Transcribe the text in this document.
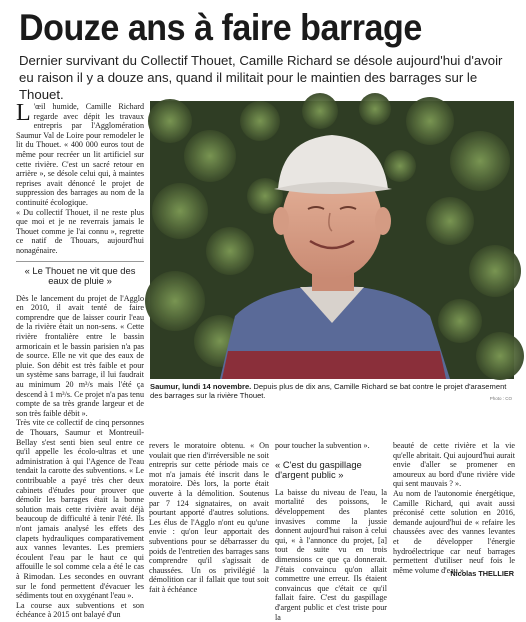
Douze ans à faire barrage
Dernier survivant du Collectif Thouet, Camille Richard se désole aujourd'hui d'avoir eu raison il y a douze ans, quand il militait pour le maintien des barrages sur le Thouet.

L 'œil humide, Camille Richard regarde avec dépit les travaux entrepris par l'Agglomération Saumur Val de Loire pour remodeler le lit du Thouet. « 400 000 euros tout de même pour recréer un lit artificiel sur cette rivière. C'est un sacré retour en arrière », se désole celui qui, à maintes reprises avait dénoncé le projet de suppression des barrages au nom de la continuité écologique.

« Du collectif Thouet, il ne reste plus que moi et je ne reverrais jamais le Thouet comme je l'ai connu », regrette ce natif de Thouars, aujourd'hui nonagénaire.

« Le Thouet ne vit que des eaux de pluie »

Dès le lancement du projet de l'Agglo en 2010, il avait tenté de faire comprendre que de laisser courir l'eau de la rivière était un non-sens. « Cette rivière frontalière entre le bassin armoricain et le bassin parisien n'a pas de source. Elle ne vit que des eaux de pluie. Son débit est très faible et pour un système sans barrage, il lui faudrait au minimum 20 m³/s mais l'été ça descend à 1 m³/s. Ce projet n'a pas tenu compte de sa très grande largeur et de son très faible débit ».

Très vite ce collectif de cinq personnes de Thouars, Saumur et Montreuil-Bellay s'est senti bien seul entre ce qu'il appelle les écolo-ultras et une administration à qui l'Agence de l'eau tendait la carotte des subventions. « Le contribuable a payé très cher deux cabinets d'études pour prouver que démolir les barrages était la bonne solution mais cette rivière avait déjà beaucoup de difficulté à tenir l'été. Ils n'ont jamais analysé les effets des clapets hydrauliques comparativement aux vannes levantes. Les premiers écoulent l'eau par le haut ce qui affouille le sol comme cela a été le cas à Rimodan. Les secondes en ouvrant sur le fond permettent d'évacuer les sédiments tout en oxygénant l'eau ».

La course aux subventions et son échéance à 2015 ont balayé d'un

Saumur, lundi 14 novembre. Depuis plus de dix ans, Camille Richard se bat contre le projet d'arasement des barrages sur la rivière Thouet.	Photo : CO

revers le moratoire obtenu. « On voulait que rien d'irréversible ne soit entrepris sur cette période mais ce mot n'a jamais été inscrit dans le moratoire. Dès lors, la porte était ouverte à la démolition. Soutenus par 7 124 signataires, on avait pourtant apporté d'autres solutions. Les élus de l'Agglo n'ont eu qu'une envie : qu'on leur apportait des subventions pour se débarrasser du poids de l'entretien des barrages sans comprendre qu'il s'agissait de chaussées. Un os privilégié la démolition car il fallait que tout soit fait à échéance

pour toucher la subvention ».

« C'est du gaspillage d'argent public »

La baisse du niveau de l'eau, la mortalité des poissons, le développement des plantes invasives comme la jussie donnent aujourd'hui raison à celui qui, « à l'annonce du projet, [a] tout de suite vu en trois dimensions ce que ça donnerait. J'étais convaincu qu'on allait commettre une erreur. Ils étaient convaincus que c'était ce qu'il fallait faire. C'est du gaspillage d'argent public et c'est triste pour la

beauté de cette rivière et la vie qu'elle abritait. Qui aujourd'hui aurait envie d'aller se promener en amoureux au bord d'une rivière vide qui sent mauvais ? ».

Au nom de l'autonomie énergétique, Camille Richard, qui avait aussi préconisé cette solution en 2016, demande aujourd'hui de « refaire les chaussées avec des vannes levantes et de développer l'énergie hydroélectrique car neuf barrages permettent d'utiliser neuf fois le même volume d'eau ».

Nicolas THELLIER
